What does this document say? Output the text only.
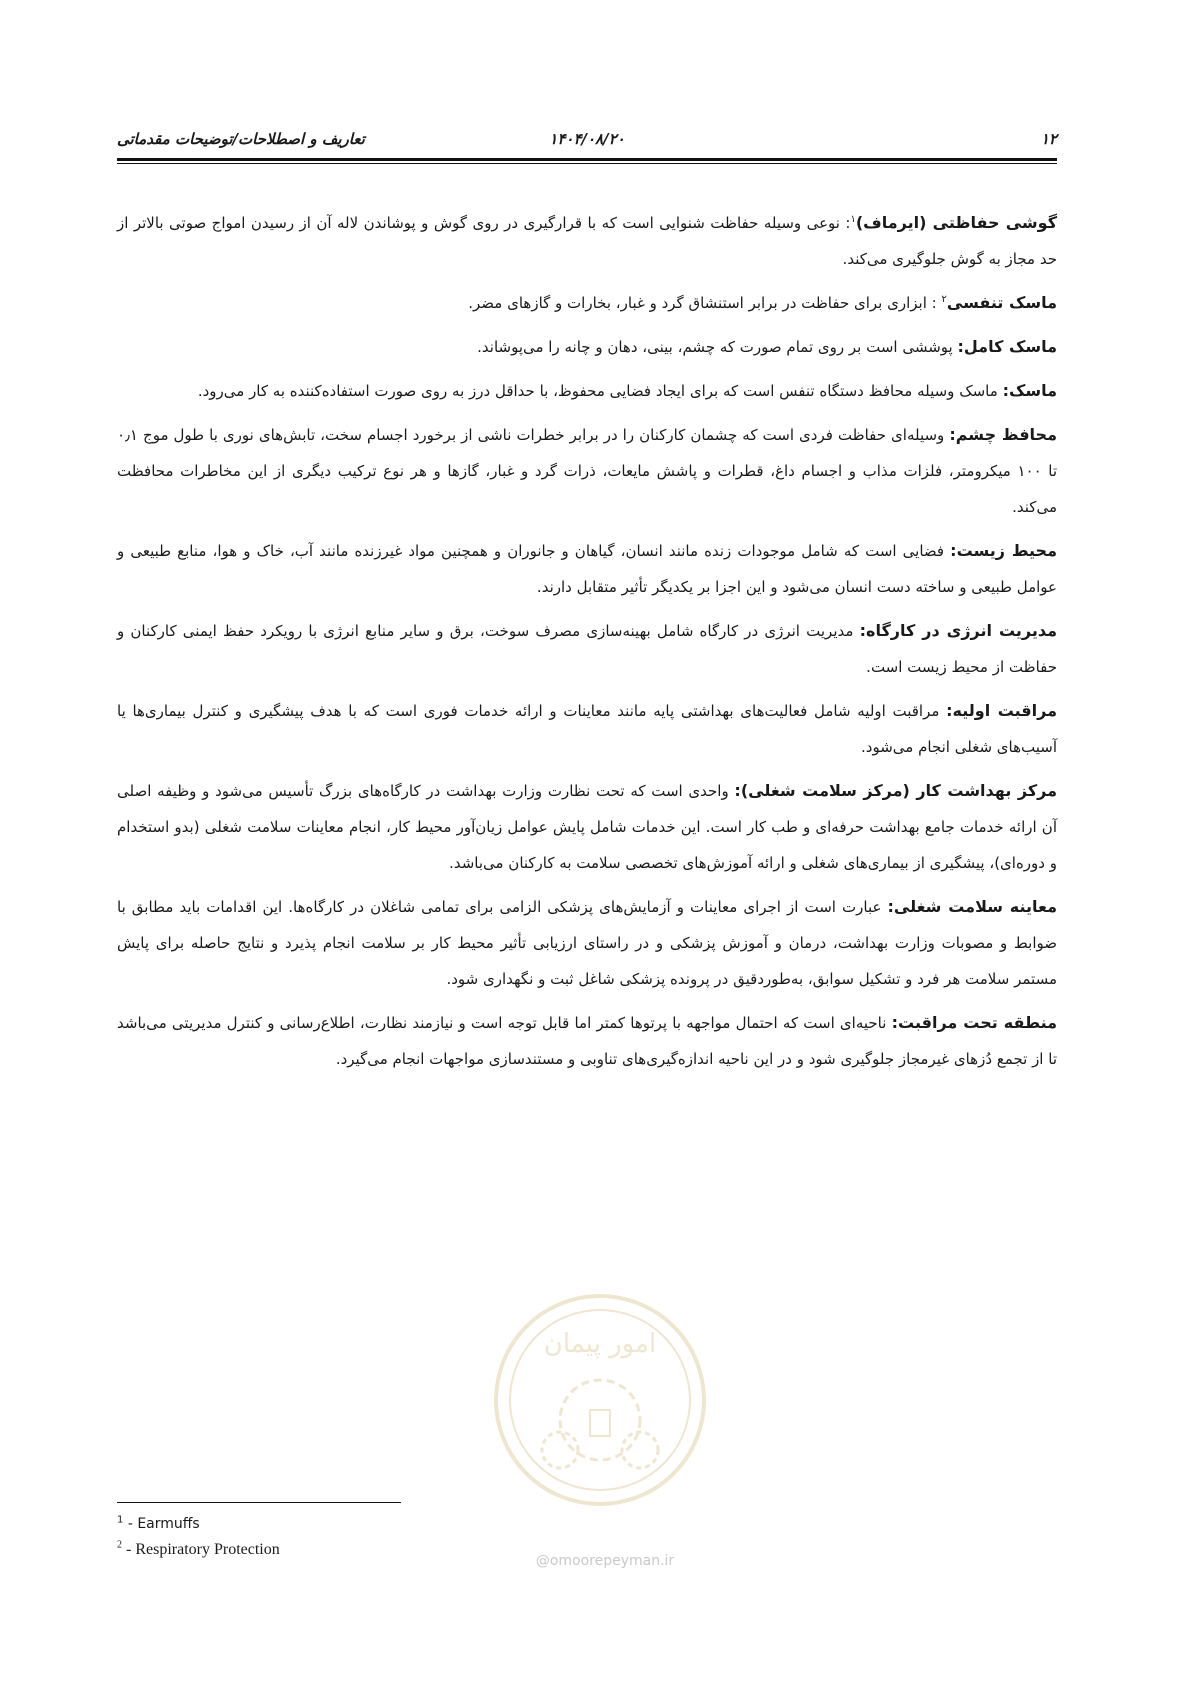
۱۲
۱۴۰۴/۰۸/۲۰
تعاریف و اصطلاحات/توضیحات مقدماتی

گوشی حفاظتی (ایرماف)$^۱$: نوعی وسیله حفاظت شنوایی است که با قرارگیری در روی گوش و پوشاندن لاله آن از رسیدن امواج صوتی بالاتر از حد مجاز به گوش جلوگیری می‌کند.

ماسک تنفسی$^۲$ : ابزاری برای حفاظت در برابر استنشاق گرد و غبار، بخارات و گازهای مضر.

ماسک کامل: پوششی است بر روی تمام صورت که چشم، بینی، دهان و چانه را می‌پوشاند.

ماسک: ماسک وسیله محافظ دستگاه تنفس است که برای ایجاد فضایی محفوظ، با حداقل درز به روی صورت استفاده‌کننده به کار می‌رود.

محافظ چشم: وسیله‌ای حفاظت فردی است که چشمان کارکنان را در برابر خطرات ناشی از برخورد اجسام سخت، تابش‌های نوری با طول موج ۰٫۱ تا ۱۰۰ میکرومتر، فلزات مذاب و اجسام داغ، قطرات و پاشش مایعات، ذرات گرد و غبار، گازها و هر نوع ترکیب دیگری از این مخاطرات محافظت می‌کند.

محیط زیست: فضایی است که شامل موجودات زنده مانند انسان، گیاهان و جانوران و همچنین مواد غیرزنده مانند آب، خاک و هوا، منابع طبیعی و عوامل طبیعی و ساخته دست انسان می‌شود و این اجزا بر یکدیگر تأثیر متقابل دارند.

مدیریت انرژی در کارگاه: مدیریت انرژی در کارگاه شامل بهینه‌سازی مصرف سوخت، برق و سایر منابع انرژی با رویکرد حفظ ایمنی کارکنان و حفاظت از محیط زیست است.

مراقبت اولیه: مراقبت اولیه شامل فعالیت‌های بهداشتی پایه مانند معاینات و ارائه خدمات فوری است که با هدف پیشگیری و کنترل بیماری‌ها یا آسیب‌های شغلی انجام می‌شود.

مرکز بهداشت کار (مرکز سلامت شغلی): واحدی است که تحت نظارت وزارت بهداشت در کارگاه‌های بزرگ تأسیس می‌شود و وظیفه اصلی آن ارائه خدمات جامع بهداشت حرفه‌ای و طب کار است. این خدمات شامل پایش عوامل زیان‌آور محیط کار، انجام معاینات سلامت شغلی (بدو استخدام و دوره‌ای)، پیشگیری از بیماری‌های شغلی و ارائه آموزش‌های تخصصی سلامت به کارکنان می‌باشد.

معاینه سلامت شغلی: عبارت است از اجرای معاینات و آزمایش‌های پزشکی الزامی برای تمامی شاغلان در کارگاه‌ها. این اقدامات باید مطابق با ضوابط و مصوبات وزارت بهداشت، درمان و آموزش پزشکی و در راستای ارزیابی تأثیر محیط کار بر سلامت انجام پذیرد و نتایج حاصله برای پایش مستمر سلامت هر فرد و تشکیل سوابق، به‌طوردقیق در پرونده پزشکی شاغل ثبت و نگهداری شود.

منطقه تحت مراقبت: ناحیه‌ای است که احتمال مواجهه با پرتوها کمتر اما قابل توجه است و نیازمند نظارت، اطلاع‌رسانی و کنترل مدیریتی می‌باشد تا از تجمع دُزهای غیرمجاز جلوگیری شود و در این ناحیه اندازه‌گیری‌های تناوبی و مستندسازی مواجهات انجام می‌گیرد.

امور پیمان
@omoorepeyman.ir
$^1$ - Earmuffs
$^2$ - Respiratory Protection
